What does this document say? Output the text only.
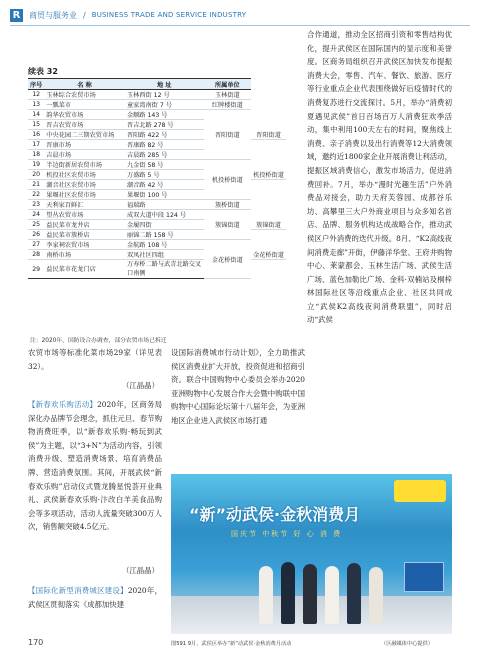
R	商贸与服务业 / BUSINESS TRADE AND SERVICE INDUSTRY
续表 32
序号	名 称	地 址	所属单位	
12	玉林综合农贸市场	玉林西街 12 号	玉林街道	
13	一瓢菜市	童家湾南街 7 号	红牌楼街道	
14	韵华农贸市场	金顺路 143 号	晋阳街道	
15	晋吉农贸市场	晋吉北路 278 号		
16	中央花园二三期农贸市场	晋阳路 422 号		晋阳街道
17	晋康市场	晋康路 82 号		
18	吉晨市场	吉晨路 285 号		
19	半边街新居农贸市场	九金街 58 号	机投桥街道	
20	机投社区农贸市场	万盛路 5 号		机投桥街道
21	潮音社区农贸市场	潮音路 42 号		
22	果堰社区农贸市场	果堰街 100 号		
23	天利家百鲜汇	福瑞路	簇桥街道	
24	望丛农贸市场	成双大道中段 124 号	簇锦街道	
25	益民菜市龙井店	金履四街		簇锦街道
26	益民菜市簇桥店	丽锦二路 158 号		
27	李家祠农贸市场	金航路 108 号	金花桥街道	
28	南桥市场	双凤社区四组		金花桥街道
29	益民菜市花龙门店	万寿桥二路与武青北路交叉口南侧		
注：2020年，国防设合办调查，部分农贸市场已拆迁
合作通道，推动全区招商引资和零售结构优化，提升武侯区在国际国内的显示度和美誉度。区商务局组织召开武侯区加快发布提振消费大会，零售、汽车、餐饮、旅游、医疗等行业重点企业代表围绕做好后疫情时代的消费复苏进行交流探讨。5月，举办“消费初夏遇见武侯”首日百场百万人消费狂欢季活动，集中利用100天左右的时间，聚焦线上消费、亲子消费以及出行消费等12大消费领域，邀约近1800家企业开展消费让利活动，提振区域消费信心，激发市场活力，促进消费回补。7月，举办“漫时光趣生活”户外消费品对接会，助力天府芙蓉园、成都谷乐坊、高攀里三大户外商业项目与众多知名首店、品牌、服务机构达成战略合作，推动武侯区户外消费的迭代升级。8月、“K2高线夜间消费走廊”开街，伊藤洋华堂、王府井购物中心、莱蒙都会、玉林生活广场、武侯生活广场、蓝色加勒比广场、金科·双楠站及桐梓林国际社区等沿线重点企业、社区共同成立“武侯K2高线夜间消费联盟”，同时启动“武侯
农贸市场等标准化菜市场29家（详见表32）。
（江晶晶）
【新春欢乐购活动】2020年，区商务局深化办品牌节会理念，抓住元旦、春节购物消费旺季，以“新春欢乐购·畅玩到武侯”为主题，以“3+N”为活动内容，引领消费升级、塑造消费场景、培育消费品牌、营造消费氛围。其间，开展武侯“新春欢乐购”启动仪式暨龙腾星悦荟开业典礼、武侯新春欢乐购·汴改白羊美食品购会等多项活动，活动人流量突破300万人次，销售额突破4.5亿元。
（江晶晶）
【国际化新型消费城区建设】2020年，武侯区贯彻落实《成都加快建
设国际消费城市行动计划》，全力助推武侯区消费业扩大开放，投资促进和招商引资。联合中国购物中心委员会举办2020亚洲购物中心发展合作大会暨中购联中国购物中心国际论坛第十八届年会，为亚洲地区企业进入武侯区市场打通
“新”动武侯·金秋消费月
国庆节 中秋节 好 心 消 费
图591 9月，武侯区举办“新”动武侯·金秋消费月活动	（区融媒体中心提供）
170
